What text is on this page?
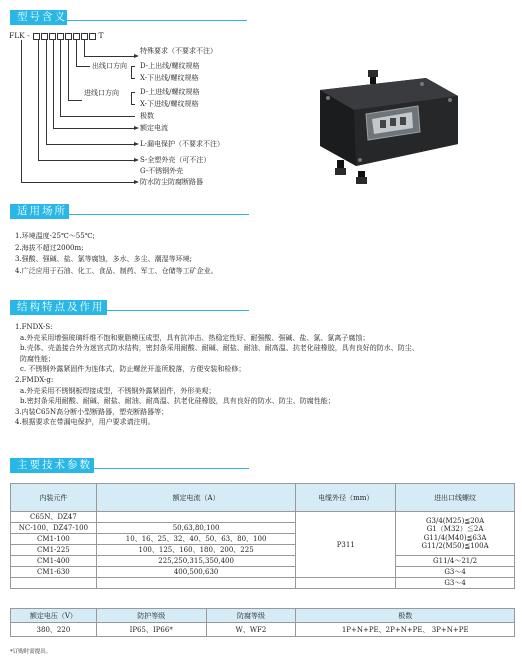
型号含义
FLK -	T
出线口方向
进线口方向
特殊要求（不要求不注）
D-上出线/螺纹规格
X-下出线/螺纹规格
D-上进线/螺纹规格
X-下进线/螺纹规格
极数
额定电流
L-漏电保护（不要求不注）
S-全塑外壳（可不注）
G-不锈钢外壳
防水防尘防腐断路器
适用场所
1.环境温度-25℃～55℃;
2.海拔不超过2000m;
3.强酸、强碱、盐、氯等腐蚀，多水、多尘、潮湿等环境;
4.广泛应用于石油、化工、食品、制药、军工、仓储等工矿企业。
结构特点及作用
1.FNDX-S:
a.外壳采用增强玻璃纤维不饱和聚脂模压成型，具有抗冲击、热稳定性好、耐强酸、强碱、盐、氯、氯离子腐蚀；
b.壳体、壳盖接合外为迷宫式防水结构，密封条采用耐酸、耐碱、耐盐、耐油、耐高温、抗老化硅橡胶，具有良好的防水、防尘、
防腐性能；
c. 不锈钢外露紧固件为连体式，防止螺丝开盖所脱落，方便安装和检修；
2.FMDX-g:
a.外壳采用不锈钢板焊接成型，不锈钢外露紧固件，外形美观；
b.密封条采用耐酸、耐碱、耐盐、耐油、耐高温、抗老化硅橡胶，具有良好的防水、防尘、防腐性能；
3.内装C65N高分断小型断路器，塑壳断路器等；
4.根据要求在带漏电保护，用户要求请注明。
主要技术参数
内装元件	额定电流（A）	电缆外径（mm）	进出口线螺纹
C65N、DZ47		P311	G3/4(M25)≦20A
G1（M32）≦2A
G11/4(M40)≦63A
G11/2(M50)≦100A

NC-100、DZ47-100	50,63,80,100		
CM1-100	10、16、25、32、40、50、63、80、100		
CM1-225	100、125、160、180、200、225		
CM1-400	225,250,315,350,400		G11/4～21/2
CM1-630	400,500,630		G3～4
			G3～4
额定电压（V）	防护等级	防腐等级	极数
380、220	IP65、IP66*	W、WF2	1P+N+PE、2P+N+PE、 3P+N+PE
*订购时需提出。
